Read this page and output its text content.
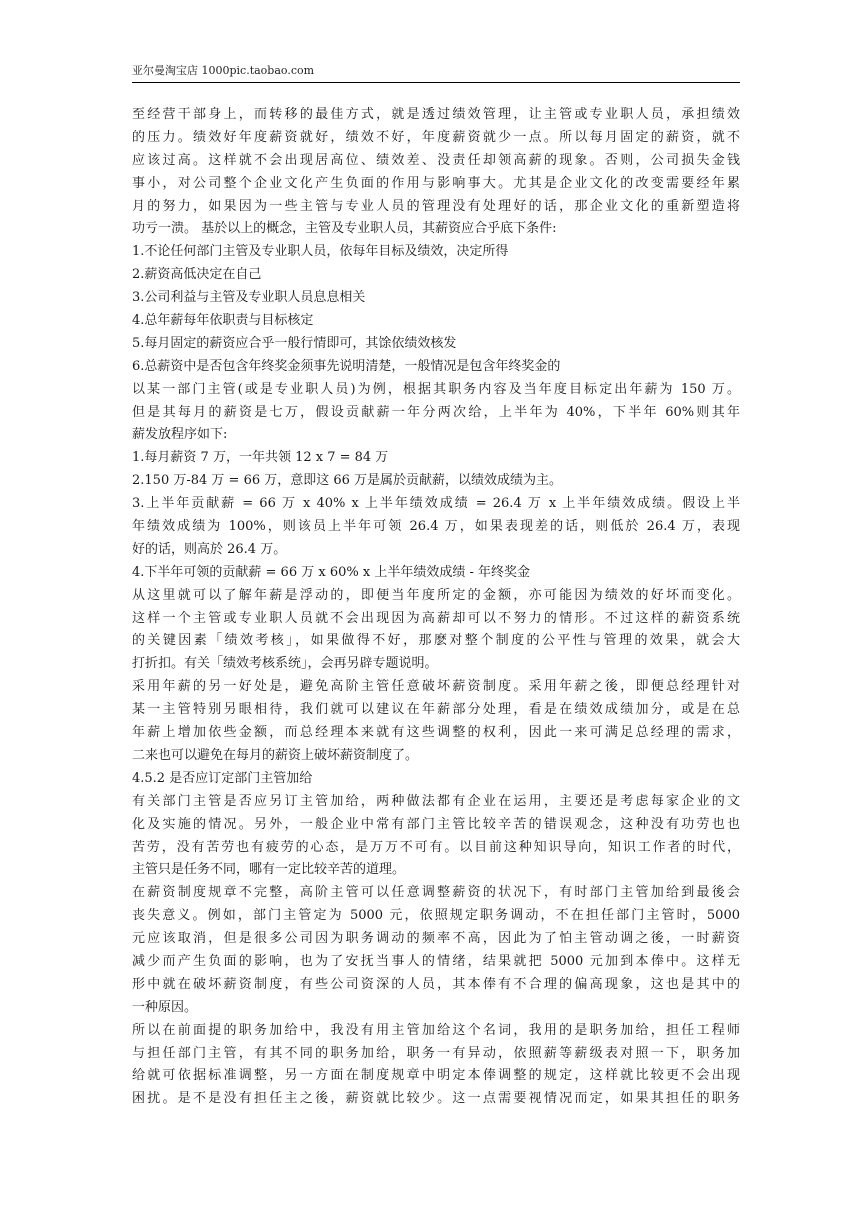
亚尔曼淘宝店 1000pic.taobao.com
至经营干部身上，而转移的最佳方式，就是透过绩效管理，让主管或专业职人员，承担绩效
的压力。绩效好年度薪资就好，绩效不好，年度薪资就少一点。所以每月固定的薪资，就不
应该过高。这样就不会出现居高位、绩效差、没责任却领高薪的现象。否则，公司损失金钱
事小，对公司整个企业文化产生负面的作用与影响事大。尤其是企业文化的改变需要经年累
月的努力，如果因为一些主管与专业人员的管理没有处理好的话，那企业文化的重新塑造将
功亏一溃。 基於以上的概念，主管及专业职人员，其薪资应合乎底下条件:
1.不论任何部门主管及专业职人员，依每年目标及绩效，决定所得
2.薪资高低决定在自己
3.公司利益与主管及专业职人员息息相关
4.总年薪每年依职责与目标核定
5.每月固定的薪资应合乎一般行情即可，其馀依绩效核发
6.总薪资中是否包含年终奖金须事先说明清楚，一般情况是包含年终奖金的
以某一部门主管(或是专业职人员)为例，根据其职务内容及当年度目标定出年薪为 150 万。
但是其每月的薪资是七万，假设贡献薪一年分两次给，上半年为 40%，下半年 60%则其年
薪发放程序如下:
1.每月薪资 7 万，一年共领 12 x 7 = 84 万
2.150 万-84 万 = 66 万，意即这 66 万是属於贡献薪，以绩效成绩为主。
3.上半年贡献薪 = 66 万 x 40% x 上半年绩效成绩 = 26.4 万 x 上半年绩效成绩。假设上半
年绩效成绩为 100%，则该员上半年可领 26.4 万，如果表现差的话，则低於 26.4 万，表现
好的话，则高於 26.4 万。
4.下半年可领的贡献薪 = 66 万 x 60% x 上半年绩效成绩 - 年终奖金
从这里就可以了解年薪是浮动的，即便当年度所定的金额，亦可能因为绩效的好坏而变化。
这样一个主管或专业职人员就不会出现因为高薪却可以不努力的情形。不过这样的薪资系统
的关键因素「绩效考核」，如果做得不好，那麽对整个制度的公平性与管理的效果，就会大
打折扣。有关「绩效考核系统」，会再另辟专题说明。
采用年薪的另一好处是，避免高阶主管任意破坏薪资制度。采用年薪之後，即便总经理针对
某一主管特别另眼相待，我们就可以建议在年薪部分处理，看是在绩效成绩加分，或是在总
年薪上增加依些金额，而总经理本来就有这些调整的权利，因此一来可满足总经理的需求，
二来也可以避免在每月的薪资上破坏薪资制度了。
4.5.2 是否应订定部门主管加给
有关部门主管是否应另订主管加给，两种做法都有企业在运用，主要还是考虑每家企业的文
化及实施的情况。另外，一般企业中常有部门主管比较辛苦的错误观念，这种没有功劳也也
苦劳，没有苦劳也有疲劳的心态，是万万不可有。以目前这种知识导向，知识工作者的时代，
主管只是任务不同，哪有一定比较辛苦的道理。
在薪资制度规章不完整，高阶主管可以任意调整薪资的状况下，有时部门主管加给到最後会
丧失意义。例如，部门主管定为 5000 元，依照规定职务调动，不在担任部门主管时，5000
元应该取消，但是很多公司因为职务调动的频率不高，因此为了怕主管动调之後，一时薪资
减少而产生负面的影响，也为了安抚当事人的情绪，结果就把 5000 元加到本俸中。这样无
形中就在破坏薪资制度，有些公司资深的人员，其本俸有不合理的偏高现象，这也是其中的
一种原因。
所以在前面提的职务加给中，我没有用主管加给这个名词，我用的是职务加给，担任工程师
与担任部门主管，有其不同的职务加给，职务一有异动，依照薪等薪级表对照一下，职务加
给就可依据标准调整，另一方面在制度规章中明定本俸调整的规定，这样就比较更不会出现
困扰。是不是没有担任主之後，薪资就比较少。这一点需要视情况而定，如果其担任的职务
